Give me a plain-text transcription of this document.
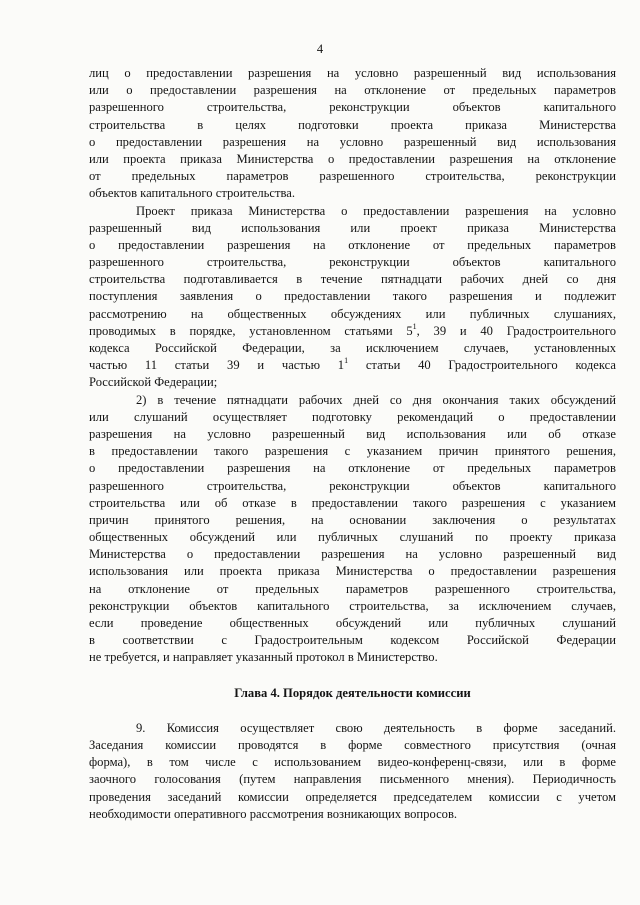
4
лиц о предоставлении разрешения на условно разрешенный вид использования
или о предоставлении разрешения на отклонение от предельных параметров
разрешенного строительства, реконструкции объектов капитального
строительства в целях подготовки проекта приказа Министерства
о предоставлении разрешения на условно разрешенный вид использования
или проекта приказа Министерства о предоставлении разрешения на отклонение
от предельных параметров разрешенного строительства, реконструкции
объектов капитального строительства.
Проект приказа Министерства о предоставлении разрешения на условно
разрешенный вид использования или проект приказа Министерства
о предоставлении разрешения на отклонение от предельных параметров
разрешенного строительства, реконструкции объектов капитального
строительства подготавливается в течение пятнадцати рабочих дней со дня
поступления заявления о предоставлении такого разрешения и подлежит
рассмотрению на общественных обсуждениях или публичных слушаниях,
проводимых в порядке, установленном статьями $5^1$, 39 и 40 Градостроительного
кодекса Российской Федерации, за исключением случаев, установленных
частью 11 статьи 39 и частью $1^1$ статьи 40 Градостроительного кодекса
Российской Федерации;
2) в течение пятнадцати рабочих дней со дня окончания таких обсуждений
или слушаний осуществляет подготовку рекомендаций о предоставлении
разрешения на условно разрешенный вид использования или об отказе
в предоставлении такого разрешения с указанием причин принятого решения,
о предоставлении разрешения на отклонение от предельных параметров
разрешенного строительства, реконструкции объектов капитального
строительства или об отказе в предоставлении такого разрешения с указанием
причин принятого решения, на основании заключения о результатах
общественных обсуждений или публичных слушаний по проекту приказа
Министерства о предоставлении разрешения на условно разрешенный вид
использования или проекта приказа Министерства о предоставлении разрешения
на отклонение от предельных параметров разрешенного строительства,
реконструкции объектов капитального строительства, за исключением случаев,
если проведение общественных обсуждений или публичных слушаний
в соответствии с Градостроительным кодексом Российской Федерации
не требуется, и направляет указанный протокол в Министерство.
Глава 4. Порядок деятельности комиссии
9. Комиссия осуществляет свою деятельность в форме заседаний.
Заседания комиссии проводятся в форме совместного присутствия (очная
форма), в том числе с использованием видео-конференц-связи, или в форме
заочного голосования (путем направления письменного мнения). Периодичность
проведения заседаний комиссии определяется председателем комиссии с учетом
необходимости оперативного рассмотрения возникающих вопросов.
